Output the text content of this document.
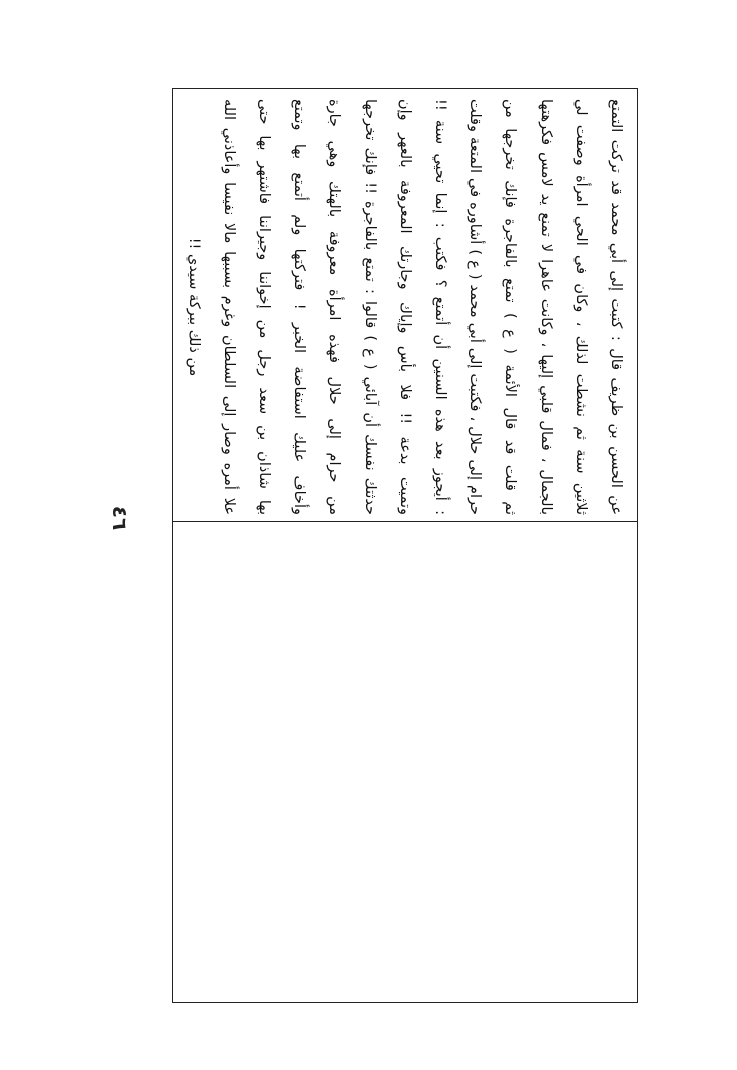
٤٦
عن الحسن بن ظريف قال : كتبت إلى أبي محمد قد تركت التمتع
ثلاثين سنة ثم نشطت لذلك ، وكان في الحي امرأة وصفت لي
بالجمال ، فمال قلبي إليها ، وكانت عاهرا لا تمنع يد لامس فكرهتها
ثم قلت قد قال الأئمة ( ع ) تمتع بالفاجرة فإنك تخرجها من
حرام إلى حلال ، فكتبت إلى أبي محمد ( ع ) أشاوره في المتعة وقلت
: أيجوز بعد هذه السنين أن أتمتع ؟ فكتب : إنما تحيي سنة !!
وتميت بدعة !! فلا بأس وإياك وجارتك المعروفة بالعهر وإن
حدثتك نفسك أن آبائي ( ع ) قالوا : تمتع بالفاجرة !! فإنك تخرجها
من حرام إلى حلال فهذه امرأة معروفة بالهتك وهي جارة
وأخاف عليك استفاضة الخبر ! فتركتها ولم أتمتع بها وتمتع
بها شاذان بن سعد رجل من إخواننا وجيراننا فاشتهر بها حتى
علا أمره وصار إلى السلطان وغرم بسببها مالا نفيسا وأعاذني الله
من ذلك ببركة سيدي !!
